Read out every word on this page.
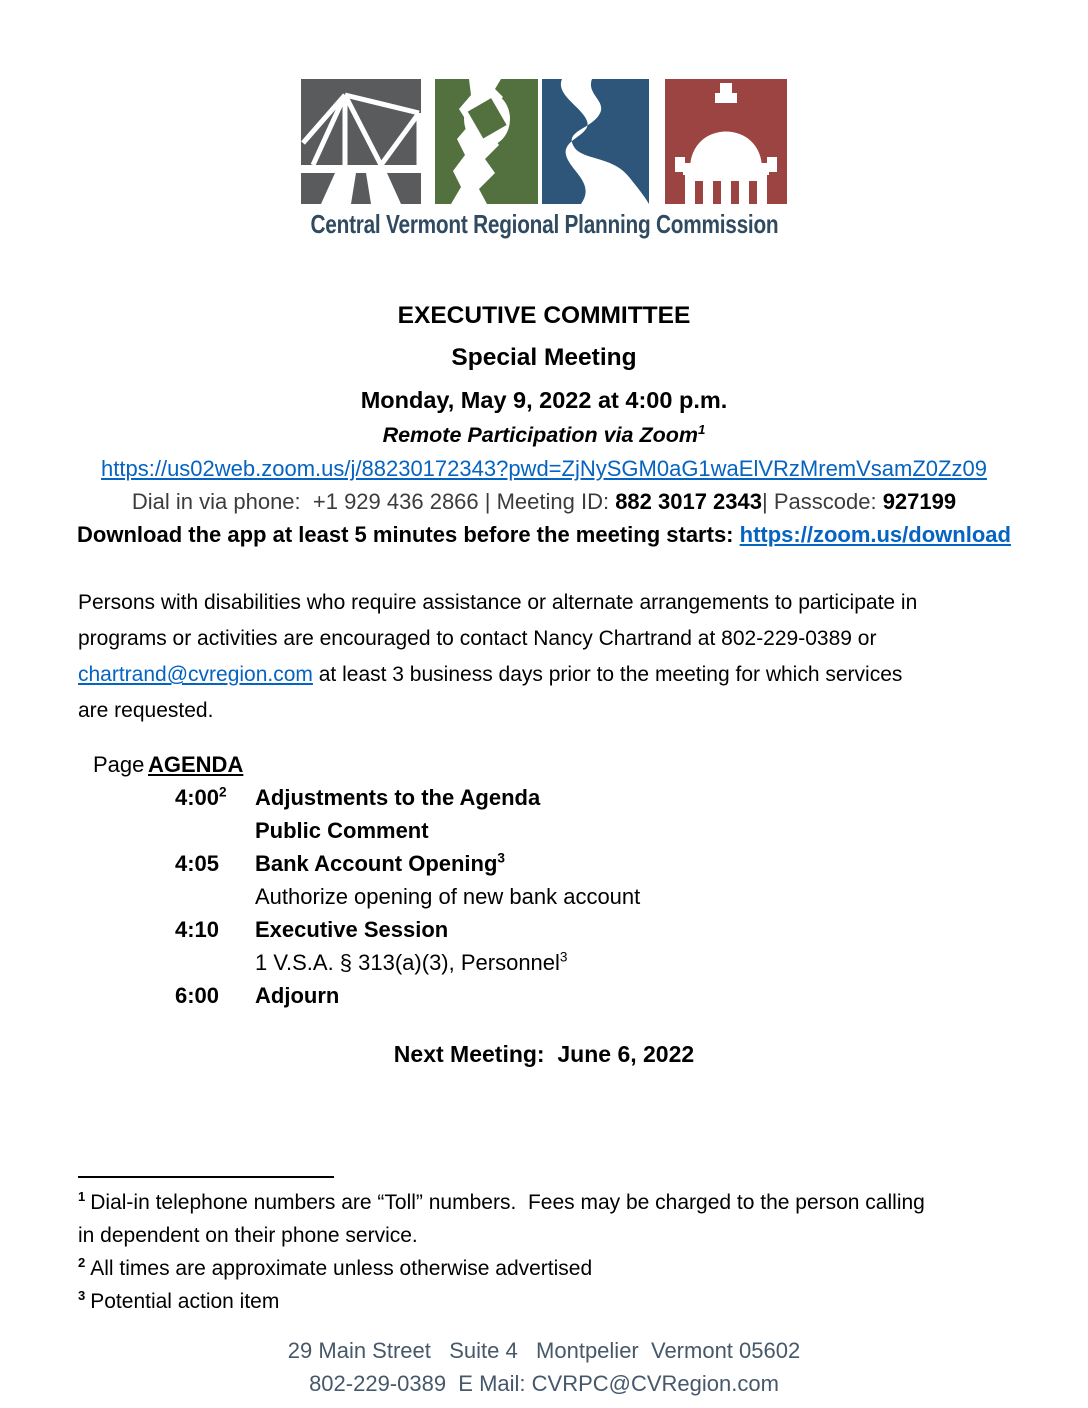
Central Vermont Regional Planning Commission
EXECUTIVE COMMITTEE
Special Meeting
Monday, May 9, 2022 at 4:00 p.m.
Remote Participation via Zoom$^1$
https://us02web.zoom.us/j/88230172343?pwd=ZjNySGM0aG1waElVRzMremVsamZ0Zz09
Dial in via phone:  +1 929 436 2866 | Meeting ID: 882 3017 2343| Passcode: 927199
Download the app at least 5 minutes before the meeting starts: https://zoom.us/download
Persons with disabilities who require assistance or alternate arrangements to participate in
programs or activities are encouraged to contact Nancy Chartrand at 802-229-0389 or
chartrand@cvregion.com at least 3 business days prior to the meeting for which services
are requested.
Page AGENDA
$4:00^2$ Adjustments to the Agenda
Public Comment
4:05 Bank Account Opening$^3$
Authorize opening of new bank account
4:10 Executive Session
1 V.S.A. § 313(a)(3), Personnel$^3$
6:00 Adjourn
Next Meeting:  June 6, 2022
$^1$ Dial-in telephone numbers are “Toll” numbers.  Fees may be charged to the person calling
in dependent on their phone service.
$^2$ All times are approximate unless otherwise advertised
$^3$ Potential action item
29 Main Street   Suite 4   Montpelier  Vermont 05602
802-229-0389  E Mail: CVRPC@CVRegion.com
